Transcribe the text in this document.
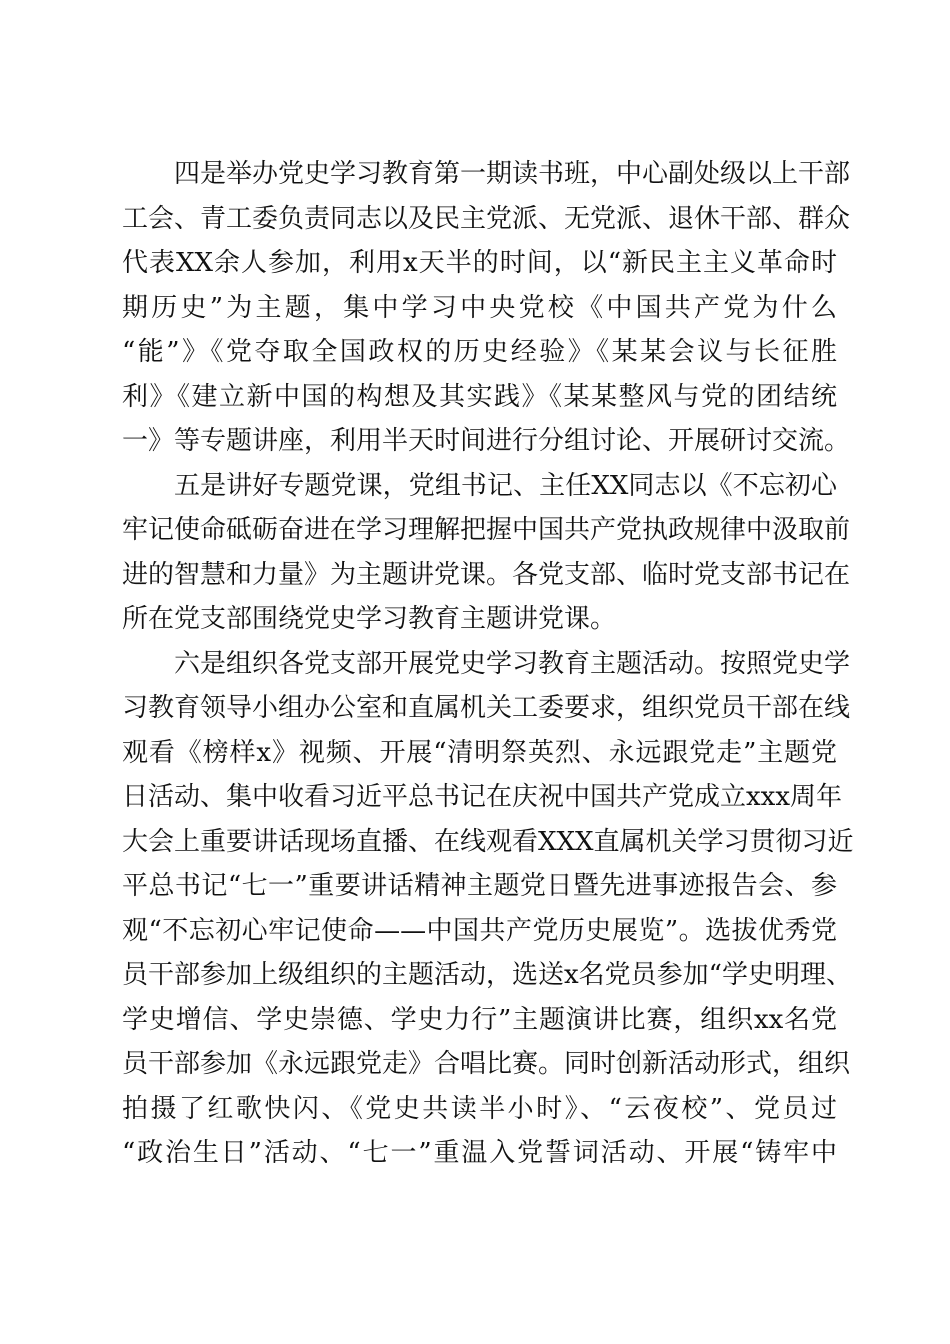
四是举办党史学习教育第一期读书班，中心副处级以上干部
工会、青工委负责同志以及民主党派、无党派、退休干部、群众
代表XX余人参加，利用x天半的时间，以“新民主主义革命时
期历史”为主题，集中学习中央党校《中国共产党为什么
“能”》《党夺取全国政权的历史经验》《某某会议与长征胜
利》《建立新中国的构想及其实践》《某某整风与党的团结统
一》等专题讲座，利用半天时间进行分组讨论、开展研讨交流。
五是讲好专题党课，党组书记、主任XX同志以《不忘初心
牢记使命砥砺奋进在学习理解把握中国共产党执政规律中汲取前
进的智慧和力量》为主题讲党课。各党支部、临时党支部书记在
所在党支部围绕党史学习教育主题讲党课。
六是组织各党支部开展党史学习教育主题活动。按照党史学
习教育领导小组办公室和直属机关工委要求，组织党员干部在线
观看《榜样x》视频、开展“清明祭英烈、永远跟党走”主题党
日活动、集中收看习近平总书记在庆祝中国共产党成立xxx周年
大会上重要讲话现场直播、在线观看XXX直属机关学习贯彻习近
平总书记“七一”重要讲话精神主题党日暨先进事迹报告会、参
观“不忘初心牢记使命——中国共产党历史展览”。选拔优秀党
员干部参加上级组织的主题活动，选送x名党员参加“学史明理、
学史增信、学史崇德、学史力行”主题演讲比赛，组织xx名党
员干部参加《永远跟党走》合唱比赛。同时创新活动形式，组织
拍摄了红歌快闪、《党史共读半小时》、“云夜校”、党员过
“政治生日”活动、“七一”重温入党誓词活动、开展“铸牢中
